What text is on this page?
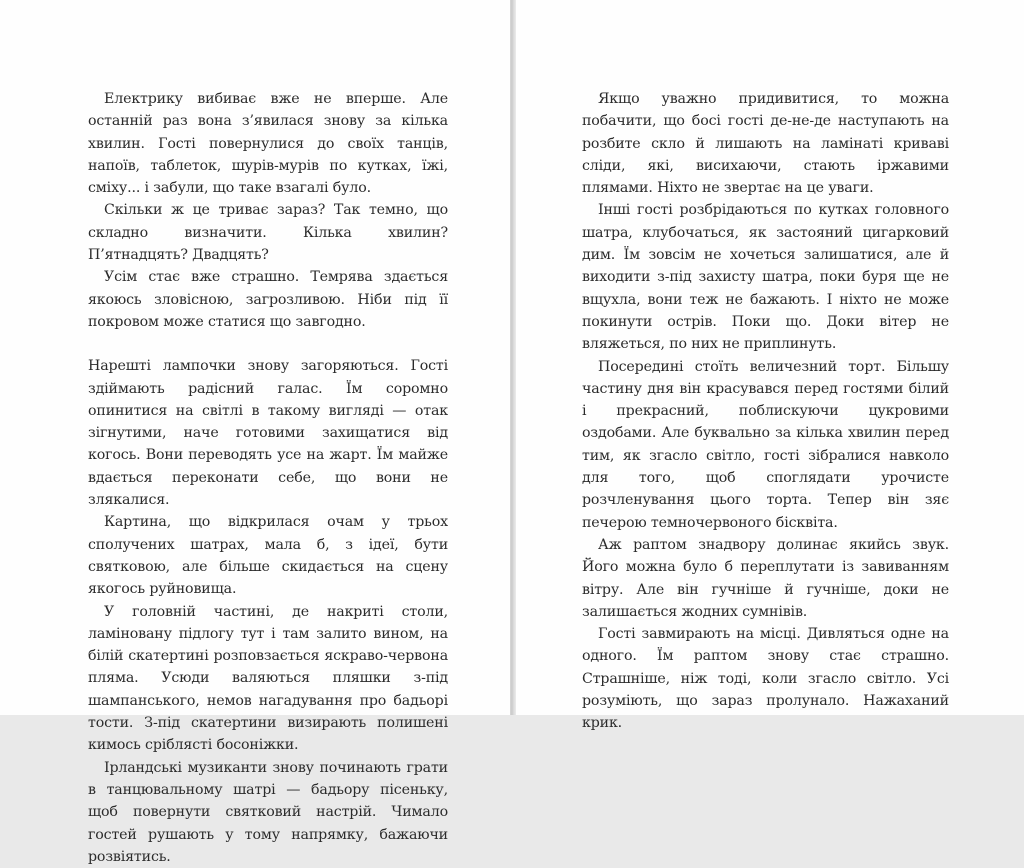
Електрику вибиває вже не вперше. Але останній раз вона з’явилася знову за кілька хвилин. Гості повернулися до своїх танців, напоїв, таблеток, шурів-мурів по кутках, їжі, сміху... і забули, що таке взагалі було.

Скільки ж це триває зараз? Так темно, що складно визначити. Кілька хвилин? П’ятнадцять? Двадцять?

Усім стає вже страшно. Темрява здається якоюсь зловісною, загрозливою. Ніби під її покровом може статися що завгодно.

Нарешті лампочки знову загоряються. Гості здіймають радісний галас. Їм соромно опинитися на світлі в такому вигляді — отак зігнутими, наче готовими захищатися від когось. Вони переводять усе на жарт. Їм майже вдається переконати себе, що вони не злякалися.

Картина, що відкрилася очам у трьох сполучених шатрах, мала б, з ідеї, бути святковою, але більше скидається на сцену якогось руйновища.

У головній частині, де накриті столи, ламіновану підлогу тут і там залито вином, на білій скатертині розповзається яскраво-червона пляма. Усюди валяються пляшки з-під шампанського, немов нагадування про бадьорі тости. З-під скатертини визирають полишені кимось сріблясті босоніжки.

Ірландські музиканти знову починають грати в танцювальному шатрі — бадьору пісеньку, щоб повернути святковий настрій. Чимало гостей рушають у тому напрямку, бажаючи розвіятись.

Якщо уважно придивитися, то можна побачити, що босі гості де-не-де наступають на розбите скло й лишають на ламінаті криваві сліди, які, висихаючи, стають іржавими плямами. Ніхто не звертає на це уваги.

Інші гості розбрідаються по кутках головного шатра, клубочаться, як застояний цигарковий дим. Їм зовсім не хочеться залишатися, але й виходити з-під захисту шатра, поки буря ще не вщухла, вони теж не бажають. І ніхто не може покинути острів. Поки що. Доки вітер не вляжеться, по них не приплинуть.

Посередині стоїть величезний торт. Більшу частину дня він красувався перед гостями білий і прекрасний, поблискуючи цукровими оздобами. Але буквально за кілька хвилин перед тим, як згасло світло, гості зібралися навколо для того, щоб споглядати урочисте розчленування цього торта. Тепер він зяє печерою темночервоного бісквіта.

Аж раптом знадвору долинає якийсь звук. Його можна було б переплутати із завиванням вітру. Але він гучніше й гучніше, доки не залишається жодних сумнівів.

Гості завмирають на місці. Дивляться одне на одного. Їм раптом знову стає страшно. Страшніше, ніж тоді, коли згасло світло. Усі розуміють, що зараз пролунало. Нажаханий крик.
